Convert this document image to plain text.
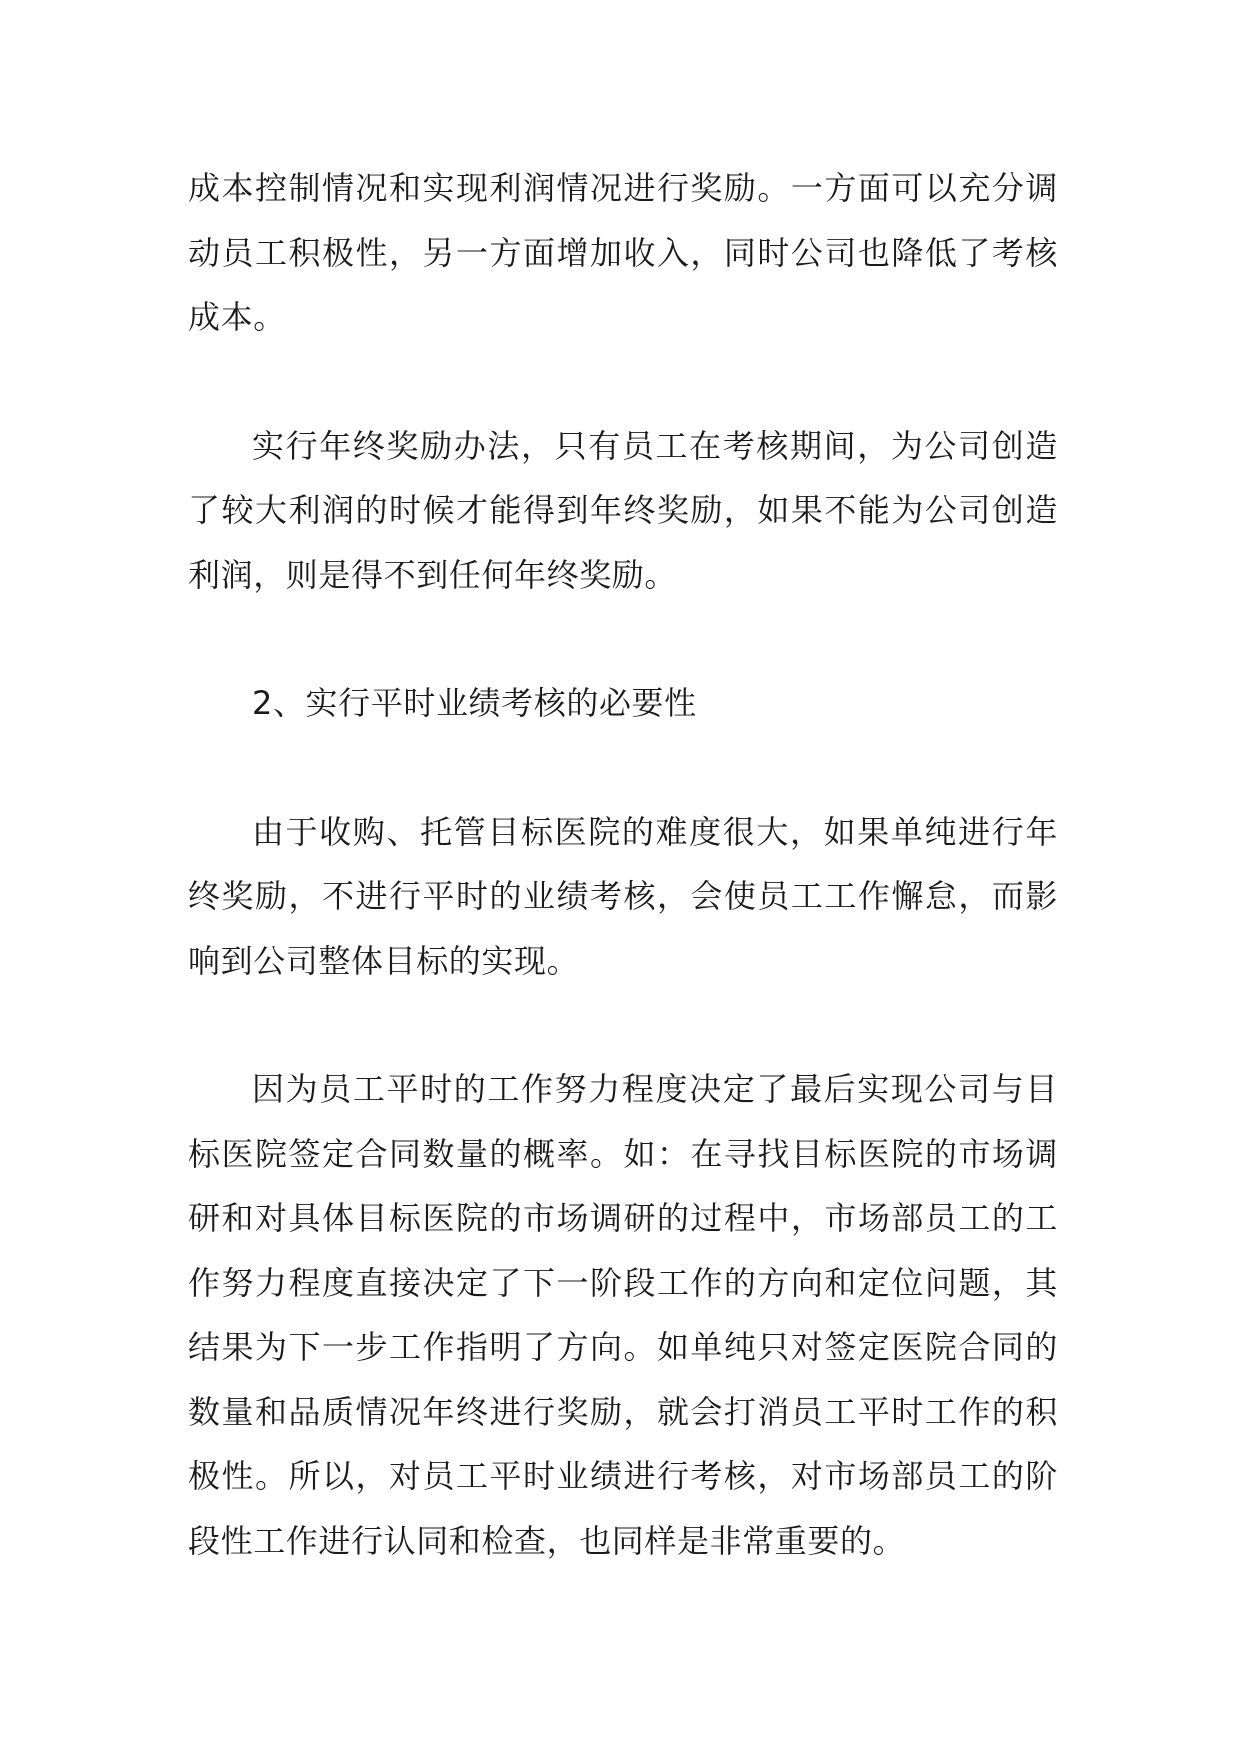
成本控制情况和实现利润情况进行奖励。一方面可以充分调动员工积极性，另一方面增加收入，同时公司也降低了考核成本。

实行年终奖励办法，只有员工在考核期间，为公司创造了较大利润的时候才能得到年终奖励，如果不能为公司创造利润，则是得不到任何年终奖励。

2、实行平时业绩考核的必要性

由于收购、托管目标医院的难度很大，如果单纯进行年终奖励，不进行平时的业绩考核，会使员工工作懈怠，而影响到公司整体目标的实现。

因为员工平时的工作努力程度决定了最后实现公司与目标医院签定合同数量的概率。如：在寻找目标医院的市场调研和对具体目标医院的市场调研的过程中，市场部员工的工作努力程度直接决定了下一阶段工作的方向和定位问题，其结果为下一步工作指明了方向。如单纯只对签定医院合同的数量和品质情况年终进行奖励，就会打消员工平时工作的积极性。所以，对员工平时业绩进行考核，对市场部员工的阶段性工作进行认同和检查，也同样是非常重要的。
